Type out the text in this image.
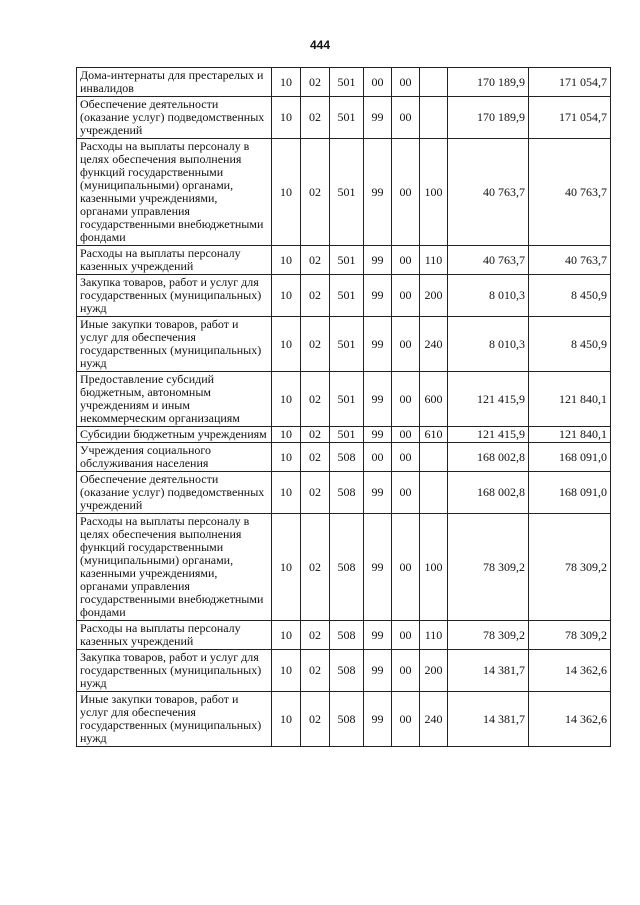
444
Дома-интернаты для престарелых и инвалидов	10	02	501	00	00		170 189,9	171 054,7
Обеспечение деятельности (оказание услуг) подведомственных учреждений	10	02	501	99	00		170 189,9	171 054,7
Расходы на выплаты персоналу в целях обеспечения выполнения функций государственными (муниципальными) органами, казенными учреждениями, органами управления государственными внебюджетными фондами	10	02	501	99	00	100	40 763,7	40 763,7
Расходы на выплаты персоналу казенных учреждений	10	02	501	99	00	110	40 763,7	40 763,7
Закупка товаров, работ и услуг для государственных (муниципальных) нужд	10	02	501	99	00	200	8 010,3	8 450,9
Иные закупки товаров, работ и услуг для обеспечения государственных (муниципальных) нужд	10	02	501	99	00	240	8 010,3	8 450,9
Предоставление субсидий бюджетным, автономным учреждениям и иным некоммерческим организациям	10	02	501	99	00	600	121 415,9	121 840,1
Субсидии бюджетным учреждениям	10	02	501	99	00	610	121 415,9	121 840,1
Учреждения социального обслуживания населения	10	02	508	00	00		168 002,8	168 091,0
Обеспечение деятельности (оказание услуг) подведомственных учреждений	10	02	508	99	00		168 002,8	168 091,0
Расходы на выплаты персоналу в целях обеспечения выполнения функций государственными (муниципальными) органами, казенными учреждениями, органами управления государственными внебюджетными фондами	10	02	508	99	00	100	78 309,2	78 309,2
Расходы на выплаты персоналу казенных учреждений	10	02	508	99	00	110	78 309,2	78 309,2
Закупка товаров, работ и услуг для государственных (муниципальных) нужд	10	02	508	99	00	200	14 381,7	14 362,6
Иные закупки товаров, работ и услуг для обеспечения государственных (муниципальных) нужд	10	02	508	99	00	240	14 381,7	14 362,6
